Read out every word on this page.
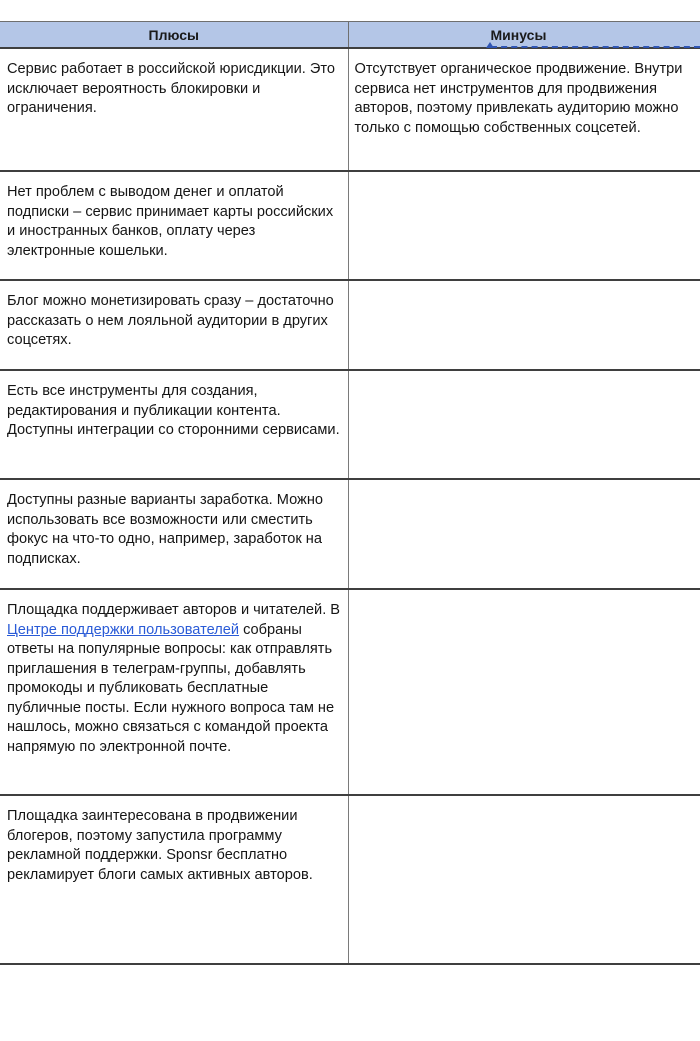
Плюсы	Минусы

Сервис работает в российской юрисдикции. Это исключает вероятность блокировки и ограничения.	Отсутствует органическое продвижение. Внутри сервиса нет инструментов для продвижения авторов, поэтому привлекать аудиторию можно только с помощью собственных соцсетей.
Нет проблем с выводом денег и оплатой подписки – сервис принимает карты российских и иностранных банков, оплату через электронные кошельки.	
Блог можно монетизировать сразу – достаточно рассказать о нем лояльной аудитории в других соцсетях.	
Есть все инструменты для создания, редактирования и публикации контента. Доступны интеграции со сторонними сервисами.	
Доступны разные варианты заработка. Можно использовать все возможности или сместить фокус на что-то одно, например, заработок на подписках.	
Площадка поддерживает авторов и читателей. В Центре поддержки пользователей собраны ответы на популярные вопросы: как отправлять приглашения в телеграм-группы, добавлять промокоды и публиковать бесплатные публичные посты. Если нужного вопроса там не нашлось, можно связаться с командой проекта напрямую по электронной почте.	
Площадка заинтересована в продвижении блогеров, поэтому запустила программу рекламной поддержки. Sponsr бесплатно рекламирует блоги самых активных авторов.	
